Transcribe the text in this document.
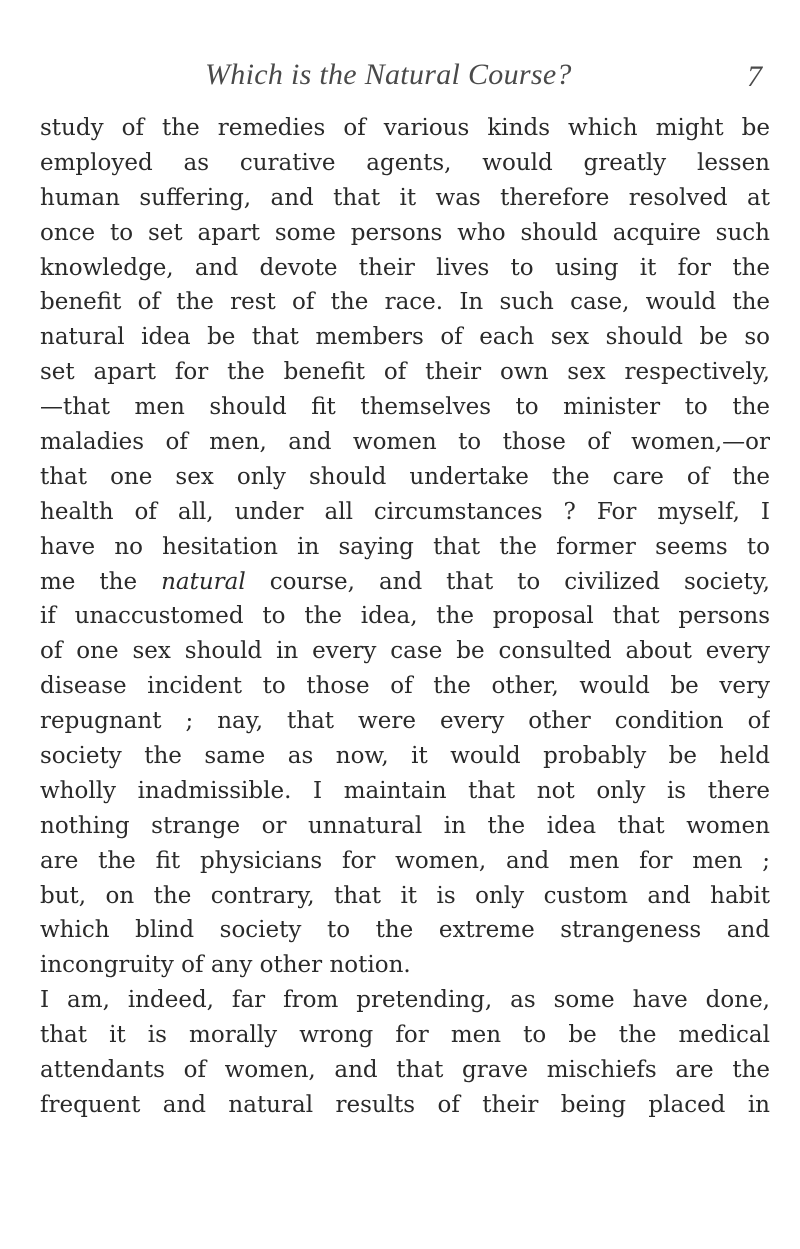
Which is the Natural Course?	7
study of the remedies of various kinds which might be
employed as curative agents, would greatly lessen
human suffering, and that it was therefore resolved at
once to set apart some persons who should acquire such
knowledge, and devote their lives to using it for the
benefit of the rest of the race. In such case, would the
natural idea be that members of each sex should be so
set apart for the benefit of their own sex respectively,
—that men should fit themselves to minister to the
maladies of men, and women to those of women,—or
that one sex only should undertake the care of the
health of all, under all circumstances ? For myself, I
have no hesitation in saying that the former seems to
me the natural course, and that to civilized society,
if unaccustomed to the idea, the proposal that persons
of one sex should in every case be consulted about every
disease incident to those of the other, would be very
repugnant ; nay, that were every other condition of
society the same as now, it would probably be held
wholly inadmissible. I maintain that not only is there
nothing strange or unnatural in the idea that women
are the fit physicians for women, and men for men ;
but, on the contrary, that it is only custom and habit
which blind society to the extreme strangeness and
incongruity of any other notion.
I am, indeed, far from pretending, as some have done,
that it is morally wrong for men to be the medical
attendants of women, and that grave mischiefs are the
frequent and natural results of their being placed in
